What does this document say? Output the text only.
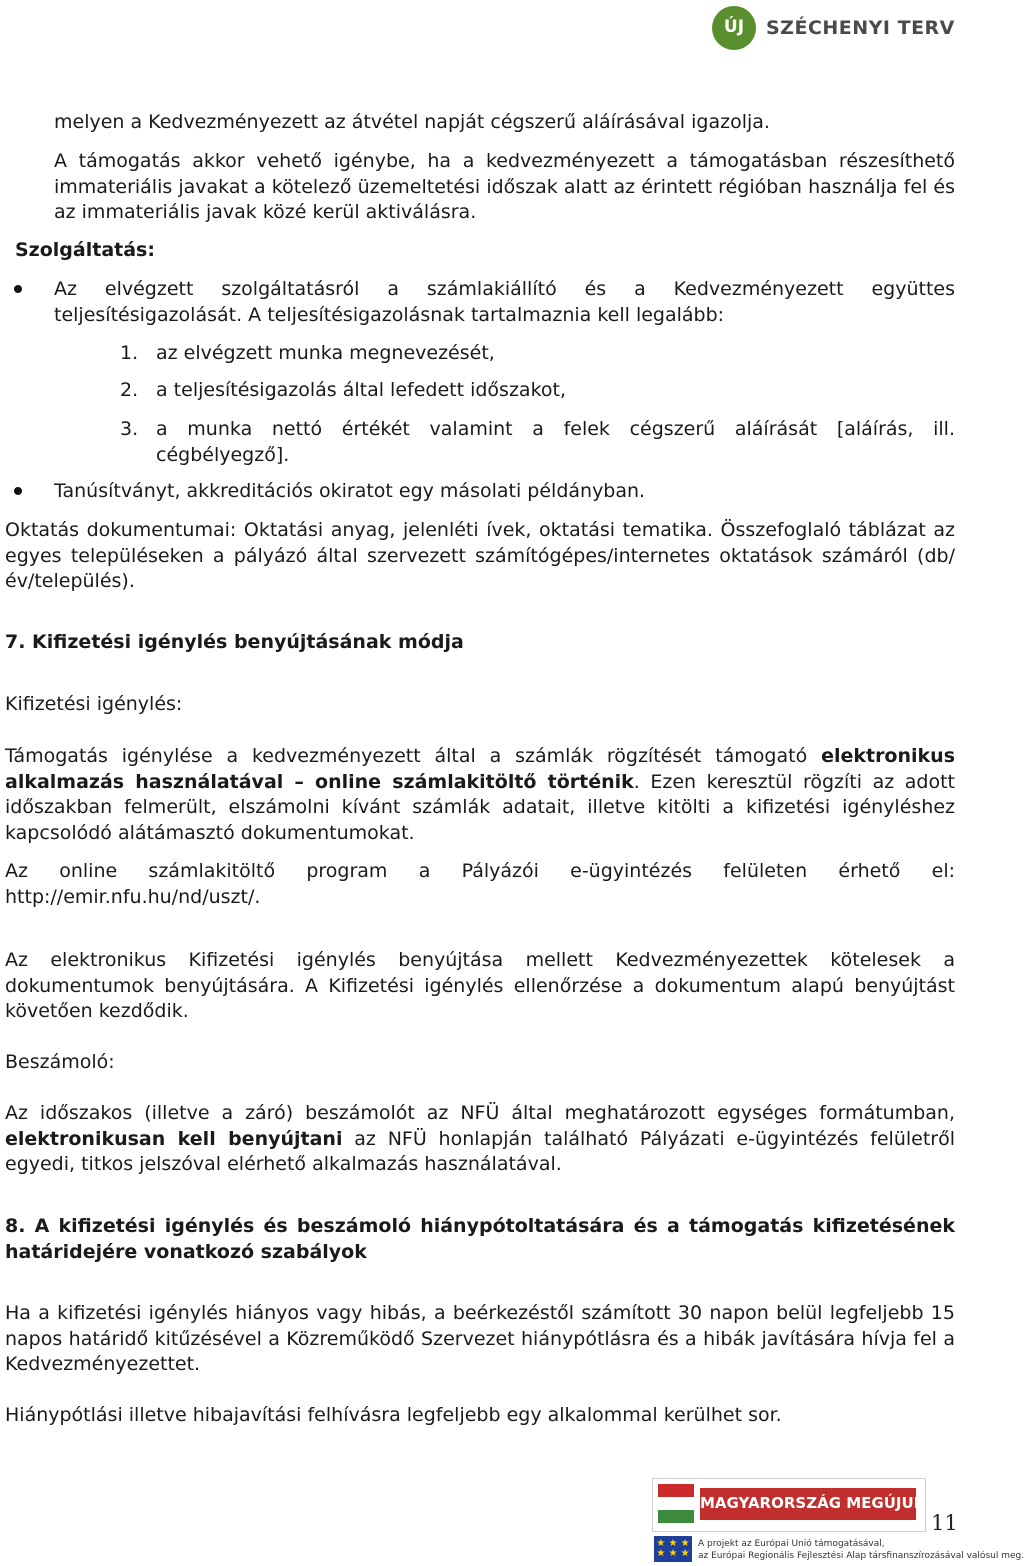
ÚJ	SZÉCHENYI TERV

melyen a Kedvezményezett az átvétel napját cégszerű aláírásával igazolja.

A támogatás akkor vehető igénybe, ha a kedvezményezett a támogatásban részesíthető immateriális javakat a kötelező üzemeltetési időszak alatt az érintett régióban használja fel és az immateriális javak közé kerül aktiválásra.

Szolgáltatás:

Az elvégzett szolgáltatásról a számlakiállító és a Kedvezményezett együttes teljesítésigazolását. A teljesítésigazolásnak tartalmaznia kell legalább:

1. az elvégzett munka megnevezését,
2. a teljesítésigazolás által lefedett időszakot,
3. a munka nettó értékét valamint a felek cégszerű aláírását [aláírás, ill. cégbélyegző].

Tanúsítványt, akkreditációs okiratot egy másolati példányban.

Oktatás dokumentumai: Oktatási anyag, jelenléti ívek, oktatási tematika. Összefoglaló táblázat az egyes településeken a pályázó által szervezett számítógépes/internetes oktatások számáról (db/év/település).

7. Kifizetési igénylés benyújtásának módja
Kifizetési igénylés:

Támogatás igénylése a kedvezményezett által a számlák rögzítését támogató elektronikus alkalmazás használatával – online számlakitöltő történik. Ezen keresztül rögzíti az adott időszakban felmerült, elszámolni kívánt számlák adatait, illetve kitölti a kifizetési igényléshez kapcsolódó alátámasztó dokumentumokat.

Az online számlakitöltő program a Pályázói e-ügyintézés felületen érhető el: http://emir.nfu.hu/nd/uszt/.

Az elektronikus Kifizetési igénylés benyújtása mellett Kedvezményezettek kötelesek a dokumentumok benyújtására. A Kifizetési igénylés ellenőrzése a dokumentum alapú benyújtást követően kezdődik.

Beszámoló:

Az időszakos (illetve a záró) beszámolót az NFÜ által meghatározott egységes formátumban, elektronikusan kell benyújtani az NFÜ honlapján található Pályázati e-ügyintézés felületről egyedi, titkos jelszóval elérhető alkalmazás használatával.

8. A kifizetési igénylés és beszámoló hiánypótoltatására és a támogatás kifizetésének határidejére vonatkozó szabályok

Ha a kifizetési igénylés hiányos vagy hibás, a beérkezéstől számított 30 napon belül legfeljebb 15 napos határidő kitűzésével a Közreműködő Szervezet hiánypótlásra és a hibák javítására hívja fel a Kedvezményezettet.

Hiánypótlási illetve hibajavítási felhívásra legfeljebb egy alkalommal kerülhet sor.

MAGYARORSZÁG MEGÚJUL
★ ★ ★
★ ★ ★
A projekt az Európai Unió támogatásával,
az Európai Regionális Fejlesztési Alap társfinanszírozásával valósul meg.
11
